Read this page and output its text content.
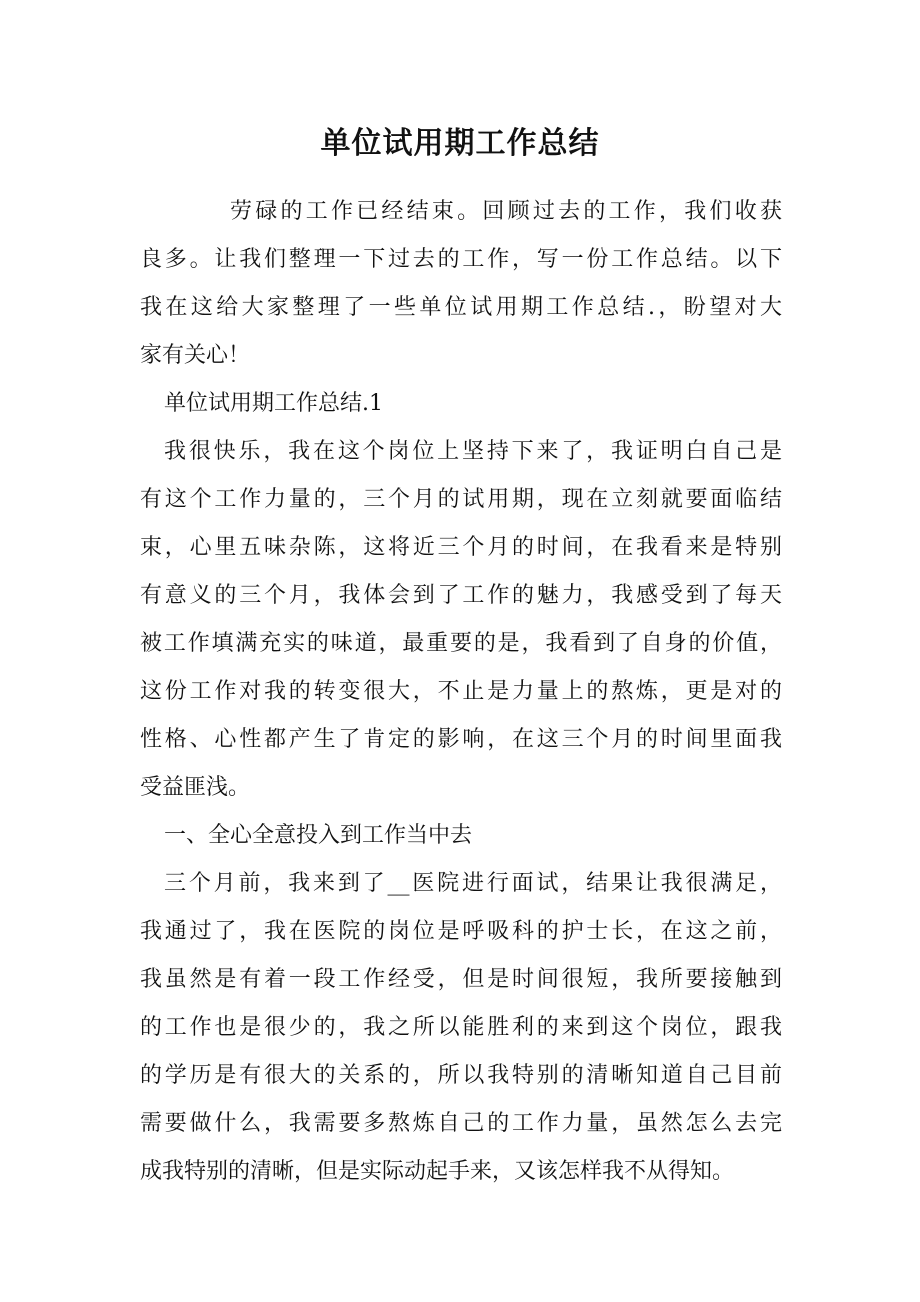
单位试用期工作总结
劳碌的工作已经结束。回顾过去的工作，我们收获
良多。让我们整理一下过去的工作，写一份工作总结。以下
我在这给大家整理了一些单位试用期工作总结.，盼望对大
家有关心！
单位试用期工作总结.1
我很快乐，我在这个岗位上坚持下来了，我证明白自己是
有这个工作力量的，三个月的试用期，现在立刻就要面临结
束，心里五味杂陈，这将近三个月的时间，在我看来是特别
有意义的三个月，我体会到了工作的魅力，我感受到了每天
被工作填满充实的味道，最重要的是，我看到了自身的价值，
这份工作对我的转变很大，不止是力量上的熬炼，更是对的
性格、心性都产生了肯定的影响，在这三个月的时间里面我
受益匪浅。
一、全心全意投入到工作当中去
三个月前，我来到了__医院进行面试，结果让我很满足，
我通过了，我在医院的岗位是呼吸科的护士长，在这之前，
我虽然是有着一段工作经受，但是时间很短，我所要接触到
的工作也是很少的，我之所以能胜利的来到这个岗位，跟我
的学历是有很大的关系的，所以我特别的清晰知道自己目前
需要做什么，我需要多熬炼自己的工作力量，虽然怎么去完
成我特别的清晰，但是实际动起手来，又该怎样我不从得知。
